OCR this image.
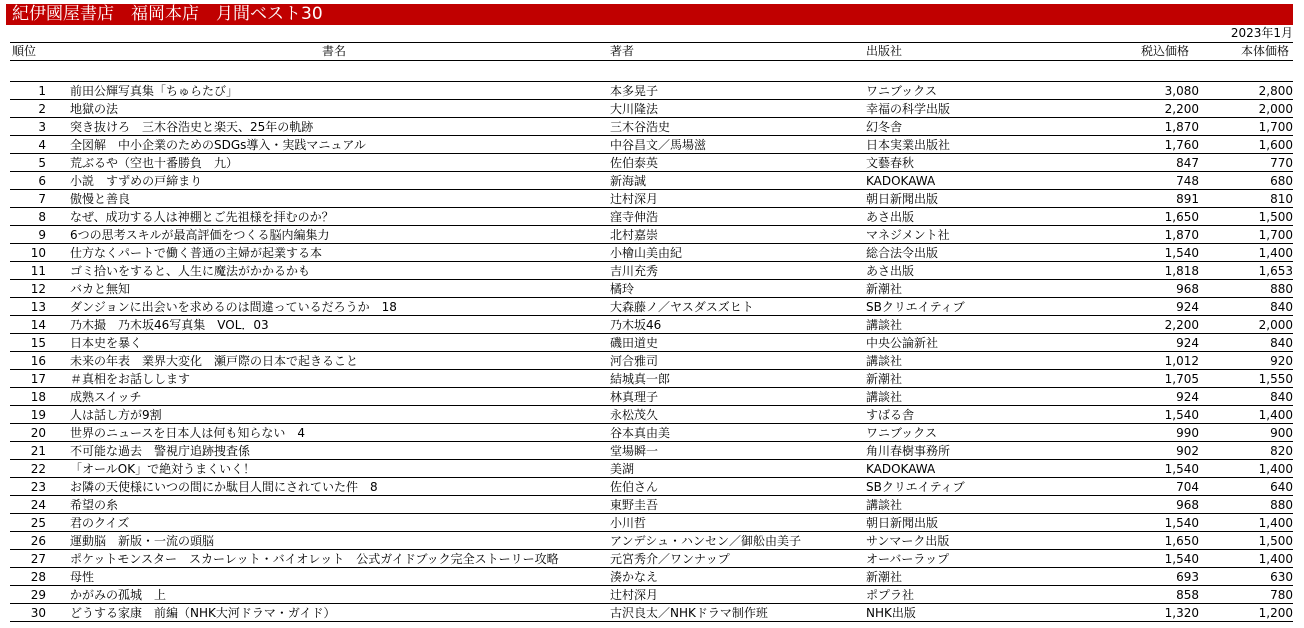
紀伊國屋書店　福岡本店　月間ベスト30
2023年1月
順位	書名	著者	出版社	税込価格	本体価格

1	前田公輝写真集「ちゅらたび」	本多晃子	ワニブックス	3,080	2,800
2	地獄の法	大川隆法	幸福の科学出版	2,200	2,000
3	突き抜けろ　三木谷浩史と楽天、25年の軌跡	三木谷浩史	幻冬舎	1,870	1,700
4	全図解　中小企業のためのSDGs導入・実践マニュアル	中谷昌文／馬場滋	日本実業出版社	1,760	1,600
5	荒ぶるや（空也十番勝負　九）	佐伯泰英	文藝春秋	847	770
6	小説　すずめの戸締まり	新海誠	KADOKAWA	748	680
7	傲慢と善良	辻村深月	朝日新聞出版	891	810
8	なぜ、成功する人は神棚とご先祖様を拝むのか？	窪寺伸浩	あさ出版	1,650	1,500
9	6つの思考スキルが最高評価をつくる脳内編集力	北村嘉崇	マネジメント社	1,870	1,700
10	仕方なくパートで働く普通の主婦が起業する本	小檜山美由紀	総合法令出版	1,540	1,400
11	ゴミ拾いをすると、人生に魔法がかかるかも	吉川充秀	あさ出版	1,818	1,653
12	バカと無知	橘玲	新潮社	968	880
13	ダンジョンに出会いを求めるのは間違っているだろうか　18	大森藤ノ／ヤスダスズヒト	SBクリエイティブ	924	840
14	乃木撮　乃木坂46写真集　VOL．03	乃木坂46	講談社	2,200	2,000
15	日本史を暴く	磯田道史	中央公論新社	924	840
16	未来の年表　業界大変化　瀬戸際の日本で起きること	河合雅司	講談社	1,012	920
17	＃真相をお話しします	結城真一郎	新潮社	1,705	1,550
18	成熟スイッチ	林真理子	講談社	924	840
19	人は話し方が9割	永松茂久	すばる舎	1,540	1,400
20	世界のニュースを日本人は何も知らない　4	谷本真由美	ワニブックス	990	900
21	不可能な過去　警視庁追跡捜査係	堂場瞬一	角川春樹事務所	902	820
22	「オールOK」で絶対うまくいく！	美湖	KADOKAWA	1,540	1,400
23	お隣の天使様にいつの間にか駄目人間にされていた件　8	佐伯さん	SBクリエイティブ	704	640
24	希望の糸	東野圭吾	講談社	968	880
25	君のクイズ	小川哲	朝日新聞出版	1,540	1,400
26	運動脳　新版・一流の頭脳	アンデシュ・ハンセン／御舩由美子	サンマーク出版	1,650	1,500
27	ポケットモンスター　スカーレット・バイオレット　公式ガイドブック完全ストーリー攻略	元宮秀介／ワンナップ	オーバーラップ	1,540	1,400
28	母性	湊かなえ	新潮社	693	630
29	かがみの孤城　上	辻村深月	ポプラ社	858	780
30	どうする家康　前編（NHK大河ドラマ・ガイド）	古沢良太／NHKドラマ制作班	NHK出版	1,320	1,200
